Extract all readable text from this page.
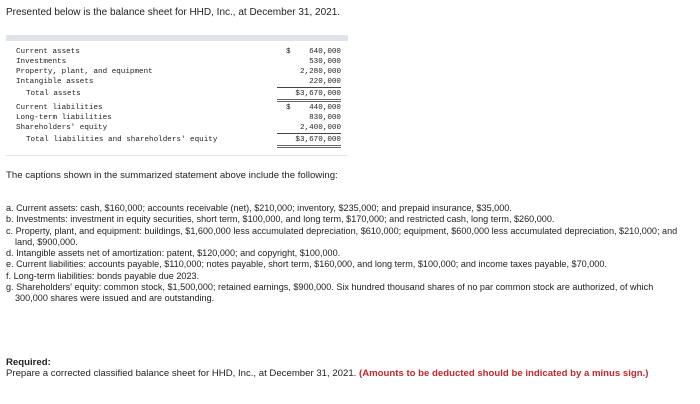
Presented below is the balance sheet for HHD, Inc., at December 31, 2021.
Current assets	$	640,000
Investments	530,000
Property, plant, and equipment	2,280,000
Intangible assets	220,000
Total assets	$3,670,000
Current liabilities	$	440,000
Long-term liabilities	830,000
Shareholders' equity	2,400,000
Total liabilities and shareholders' equity	$3,670,000
The captions shown in the summarized statement above include the following:
a. Current assets: cash, $160,000; accounts receivable (net), $210,000; inventory, $235,000; and prepaid insurance, $35,000.
b. Investments: investment in equity securities, short term, $100,000, and long term, $170,000; and restricted cash, long term, $260,000.
c. Property, plant, and equipment: buildings, $1,600,000 less accumulated depreciation, $610,000; equipment, $600,000 less accumulated depreciation, $210,000; and land, $900,000.
d. Intangible assets net of amortization: patent, $120,000; and copyright, $100,000.
e. Current liabilities: accounts payable, $110,000; notes payable, short term, $160,000, and long term, $100,000; and income taxes payable, $70,000.
f. Long-term liabilities: bonds payable due 2023.
g. Shareholders' equity: common stock, $1,500,000; retained earnings, $900,000. Six hundred thousand shares of no par common stock are authorized, of which 300,000 shares were issued and are outstanding.
Required:
Prepare a corrected classified balance sheet for HHD, Inc., at December 31, 2021. (Amounts to be deducted should be indicated by a minus sign.)
